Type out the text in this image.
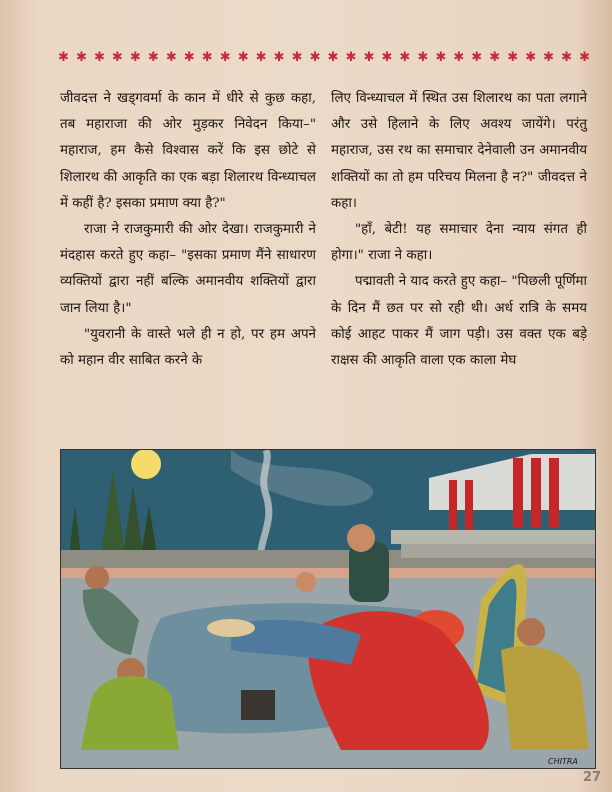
✱ ✱ ✱ ✱ ✱ ✱ ✱ ✱ ✱ ✱ ✱ ✱ ✱ ✱ ✱ ✱ ✱ ✱ ✱ ✱ ✱ ✱ ✱ ✱ ✱ ✱ ✱ ✱ ✱ ✱

जीवदत्त ने खड्गवर्मा के कान में धीरे से कुछ कहा, तब महाराजा की ओर मुड़कर निवेदन किया–" महाराज, हम कैसे विश्वास करें कि इस छोटे से शिलारथ की आकृति का एक बड़ा शिलारथ विन्ध्याचल में कहीं है? इसका प्रमाण क्या है?"

राजा ने राजकुमारी की ओर देखा। राजकुमारी ने मंदहास करते हुए कहा– "इसका प्रमाण मैंने साधारण व्यक्तियों द्वारा नहीं बल्कि अमानवीय शक्तियों द्वारा जान लिया है।"

"युवरानी के वास्ते भले ही न हो, पर हम अपने को महान वीर साबित करने के

लिए विन्ध्याचल में स्थित उस शिलारथ का पता लगाने और उसे हिलाने के लिए अवश्य जायेंगे। परंतु महाराज, उस रथ का समाचार देनेवाली उन अमानवीय शक्तियों का तो हम परिचय मिलना है न?" जीवदत्त ने कहा।

"हाँ, बेटी! यह समाचार देना न्याय संगत ही होगा।" राजा ने कहा।

पद्मावती ने याद करते हुए कहा– "पिछली पूर्णिमा के दिन मैं छत पर सो रही थी। अर्ध रात्रि के समय कोई आहट पाकर मैं जाग पड़ी। उस वक्त एक बड़े राक्षस की आकृति वाला एक काला मेघ

CHITRA
27
